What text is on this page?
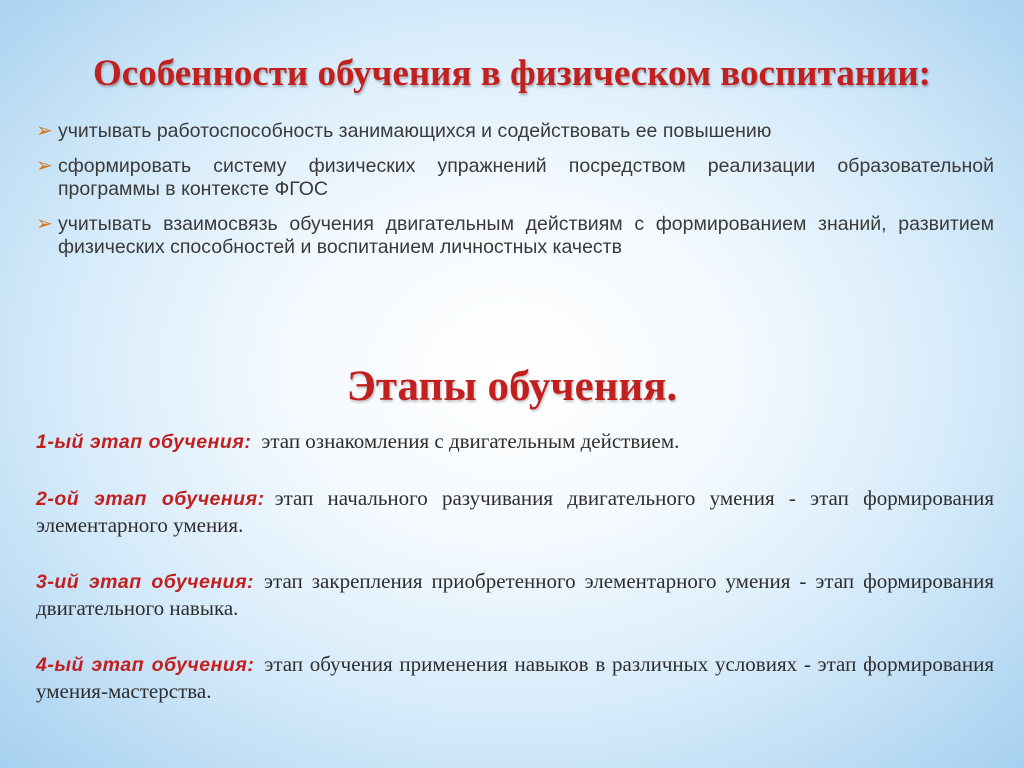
Особенности обучения в физическом воспитании:
➢ учитывать работоспособность занимающихся и содействовать ее повышению
➢ сформировать систему физических упражнений посредством реализации образовательной программы в контексте ФГОС
➢ учитывать взаимосвязь обучения двигательным действиям с формированием знаний, развитием физических способностей и воспитанием личностных качеств
Этапы обучения.
1-ый этап обучения: этап ознакомления с двигательным действием.
2-ой этап обучения: этап начального разучивания двигательного умения - этап формирования элементарного умения.
3-ий этап обучения: этап закрепления приобретенного элементарного умения - этап формирования двигательного навыка.
4-ый этап обучения: этап обучения применения навыков в различных условиях - этап формирования умения-мастерства.
